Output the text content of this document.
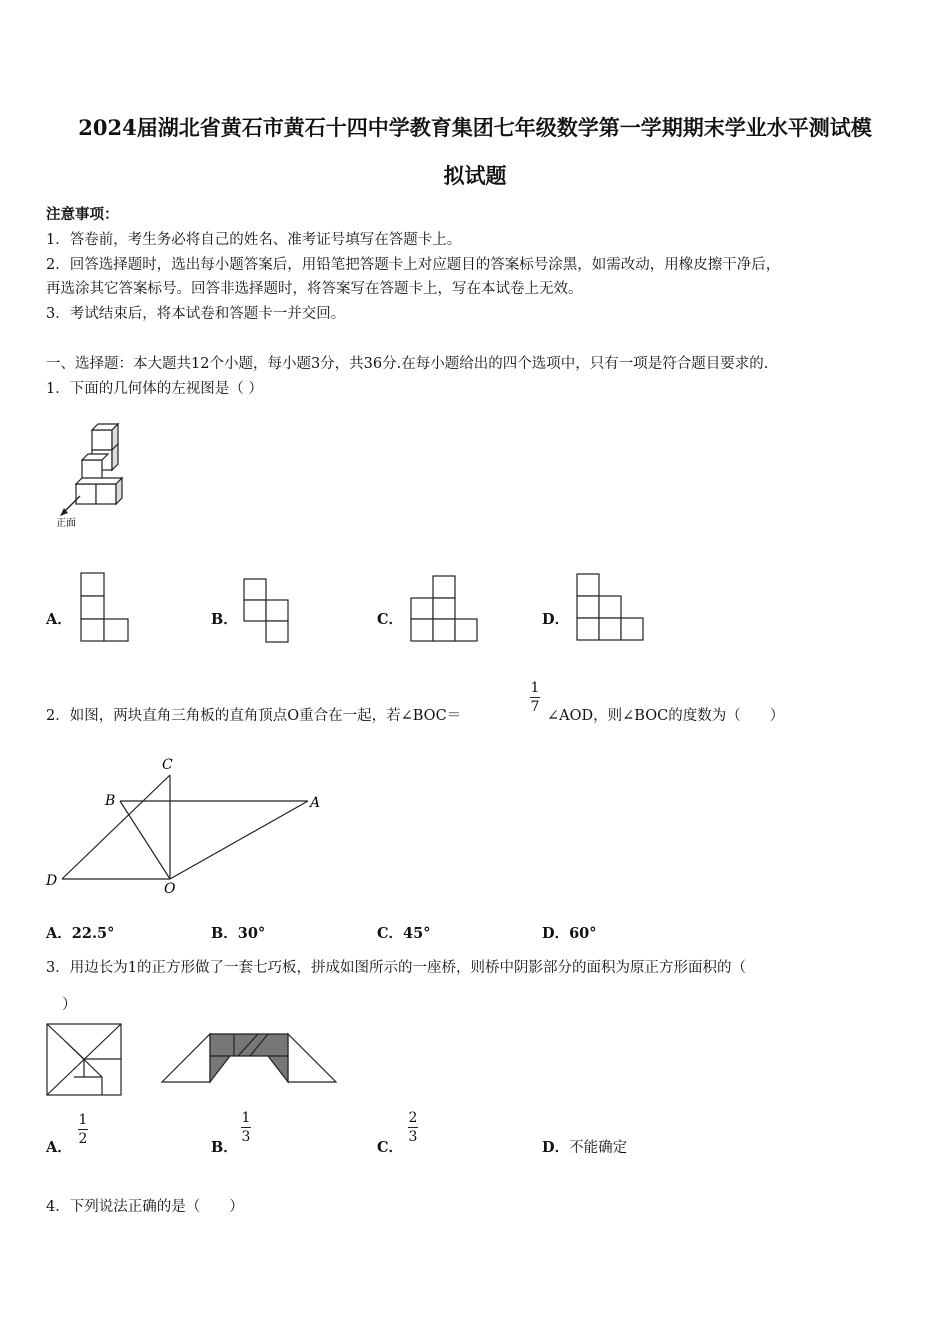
2024届湖北省黄石市黄石十四中学教育集团七年级数学第一学期期末学业水平测试模
拟试题
注意事项：
1．答卷前，考生务必将自己的姓名、准考证号填写在答题卡上。
2．回答选择题时，选出每小题答案后，用铅笔把答题卡上对应题目的答案标号涂黑，如需改动，用橡皮擦干净后，
再选涂其它答案标号。回答非选择题时，将答案写在答题卡上，写在本试卷上无效。
3．考试结束后，将本试卷和答题卡一并交回。
一、选择题：本大题共12个小题，每小题3分，共36分.在每小题给出的四个选项中，只有一项是符合题目要求的.
1．下面的几何体的左视图是（ ）
正面
A．	B．	C．	D．
2．如图，两块直角三角板的直角顶点O重合在一起，若∠BOC＝
1
7
∠AOD，则∠BOC的度数为（　　）
C
B	A
D	O
A．22.5°	B．30°	C．45°	D．60°
3．用边长为1的正方形做了一套七巧板，拼成如图所示的一座桥，则桥中阴影部分的面积为原正方形面积的（
）
A．
1
2	B．
1
3
C．
2
3
D．不能确定
4．下列说法正确的是（　　）
